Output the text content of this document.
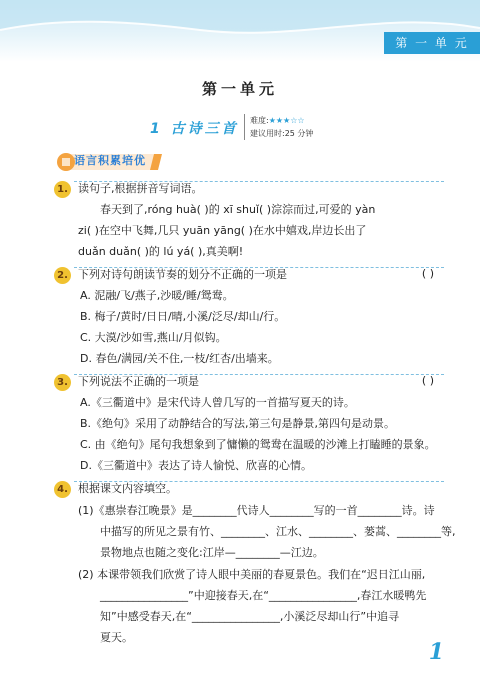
第 一 单 元
第一单元
1 古诗三首
难度:★★★☆☆
建议用时:25 分钟
语言积累培优
1. 读句子,根据拼音写词语。
春天到了,róng huà( )的 xī shuǐ( )淙淙而过,可爱的 yàn
zi( )在空中飞舞,几只 yuān yāng( )在水中嬉戏,岸边长出了
duǎn duǎn( )的 lú yá( ),真美啊!
2. 下列对诗句朗读节奏的划分不正确的一项是	( )
A. 泥融/飞/燕子,沙暖/睡/鸳鸯。
B. 梅子/黄时/日日/晴,小溪/泛尽/却山/行。
C. 大漠/沙如雪,燕山/月似钩。
D. 春色/满园/关不住,一枝/红杏/出墙来。
3. 下列说法不正确的一项是	( )
A.《三衢道中》是宋代诗人曾几写的一首描写夏天的诗。
B.《绝句》采用了动静结合的写法,第三句是静景,第四句是动景。
C. 由《绝句》尾句我想象到了慵懒的鸳鸯在温暖的沙滩上打瞌睡的景象。
D.《三衢道中》表达了诗人愉悦、欣喜的心情。
4. 根据课文内容填空。
(1)《惠崇春江晚景》是________代诗人________写的一首________诗。诗
中描写的所见之景有竹、________、江水、________、蒌蒿、________等,
景物地点也随之变化:江岸—________—江边。
(2) 本课带领我们欣赏了诗人眼中美丽的春夏景色。我们在“迟日江山丽,
________________”中迎接春天,在“________________,春江水暖鸭先
知”中感受春天,在“________________,小溪泛尽却山行”中追寻
夏天。
1
